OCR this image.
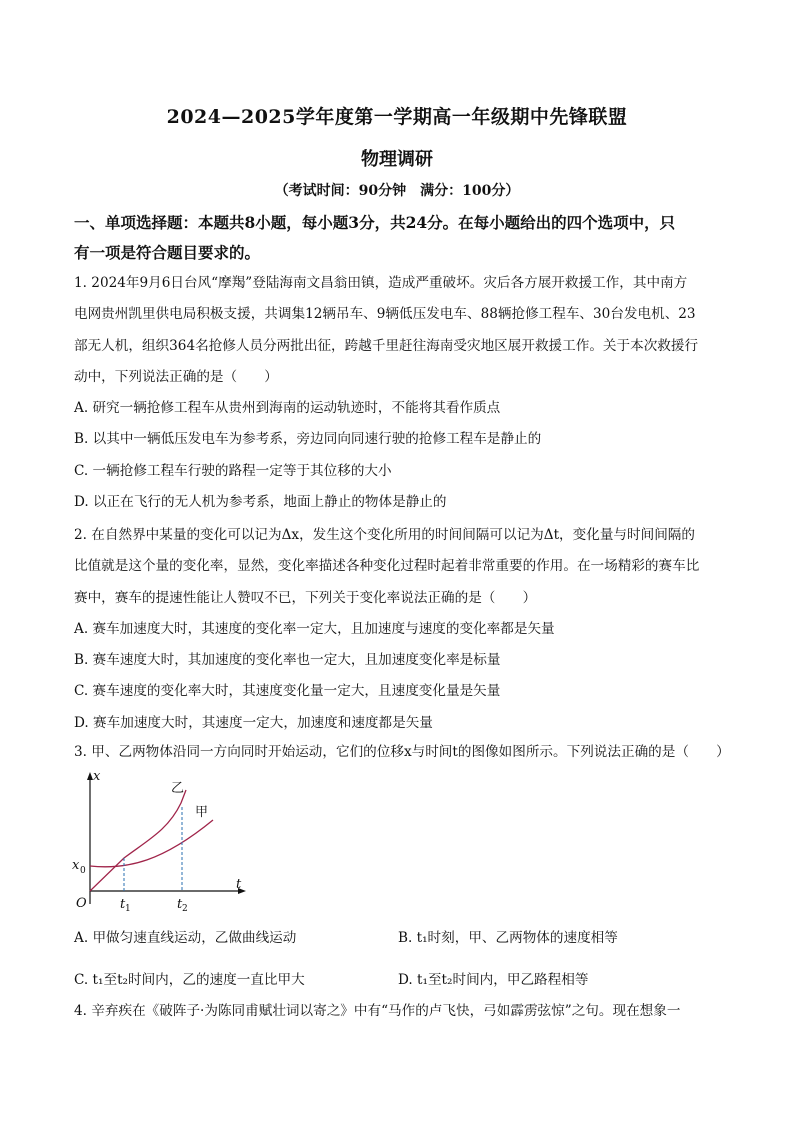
2024—2025学年度第一学期高一年级期中先锋联盟
物理调研
（考试时间：90分钟　满分：100分）
一、单项选择题：本题共8小题，每小题3分，共24分。在每小题给出的四个选项中，只
有一项是符合题目要求的。

1. 2024年9月6日台风“摩羯”登陆海南文昌翁田镇，造成严重破坏。灾后各方展开救援工作，其中南方

电网贵州凯里供电局积极支援，共调集12辆吊车、9辆低压发电车、88辆抢修工程车、30台发电机、23

部无人机，组织364名抢修人员分两批出征，跨越千里赶往海南受灾地区展开救援工作。关于本次救援行

动中，下列说法正确的是（　　）

A. 研究一辆抢修工程车从贵州到海南的运动轨迹时，不能将其看作质点

B. 以其中一辆低压发电车为参考系，旁边同向同速行驶的抢修工程车是静止的

C. 一辆抢修工程车行驶的路程一定等于其位移的大小

D. 以正在飞行的无人机为参考系，地面上静止的物体是静止的

2. 在自然界中某量的变化可以记为Δx，发生这个变化所用的时间间隔可以记为Δt，变化量与时间间隔的

比值就是这个量的变化率，显然，变化率描述各种变化过程时起着非常重要的作用。在一场精彩的赛车比

赛中，赛车的提速性能让人赞叹不已，下列关于变化率说法正确的是（　　）

A. 赛车加速度大时，其速度的变化率一定大，且加速度与速度的变化率都是矢量

B. 赛车速度大时，其加速度的变化率也一定大，且加速度变化率是标量

C. 赛车速度的变化率大时，其速度变化量一定大，且速度变化量是矢量

D. 赛车加速度大时，其速度一定大，加速度和速度都是矢量

3. 甲、乙两物体沿同一方向同时开始运动，它们的位移x与时间t的图像如图所示。下列说法正确的是（　　）

x
t
O
x 0
t 1	t 2
乙
甲
A. 甲做匀速直线运动，乙做曲线运动	B. t₁时刻，甲、乙两物体的速度相等
C. t₁至t₂时间内，乙的速度一直比甲大	D. t₁至t₂时间内，甲乙路程相等

4. 辛弃疾在《破阵子·为陈同甫赋壮词以寄之》中有“马作的卢飞快，弓如霹雳弦惊”之句。现在想象一
